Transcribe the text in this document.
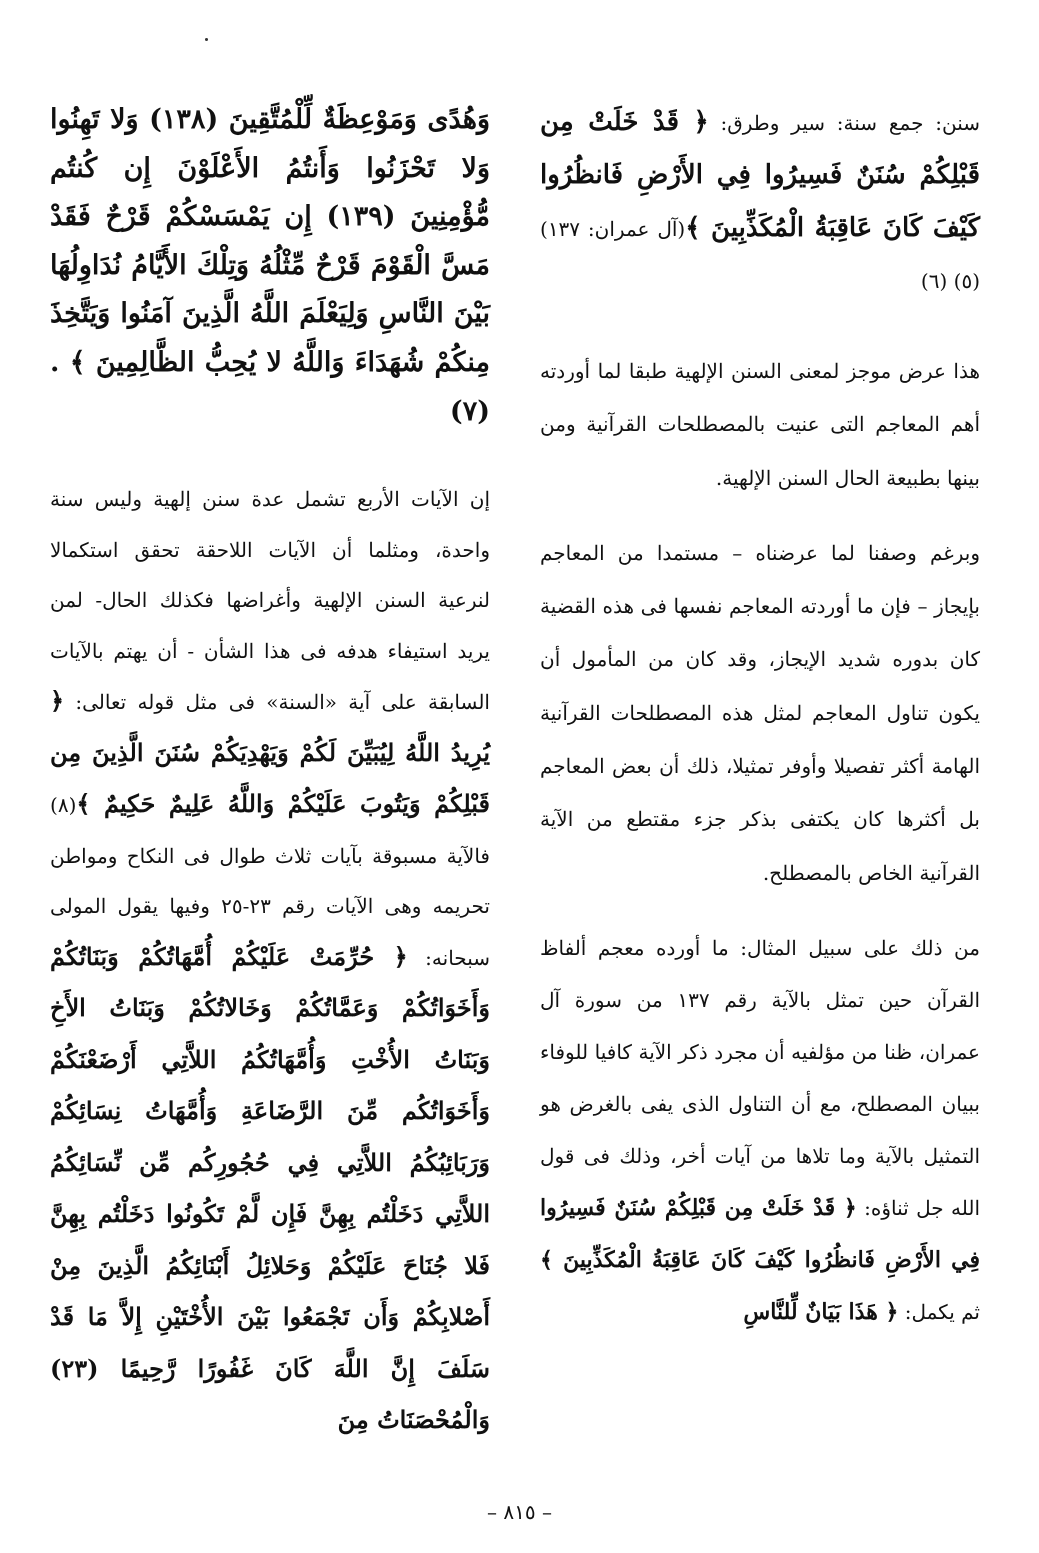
سنن: جمع سنة: سير وطرق: ﴿ قَدْ خَلَتْ مِن قَبْلِكُمْ سُنَنٌ فَسِيرُوا فِي الأَرْضِ فَانظُرُوا كَيْفَ كَانَ عَاقِبَةُ الْمُكَذِّبِينَ ﴾(آل عمران: ١٣٧)(٥) (٦)

هذا عرض موجز لمعنى السنن الإلهية طبقا لما أوردته أهم المعاجم التى عنيت بالمصطلحات القرآنية ومن بينها بطبيعة الحال السنن الإلهية.

وبرغم وصفنا لما عرضناه – مستمدا من المعاجم بإيجاز – فإن ما أوردته المعاجم نفسها فى هذه القضية كان بدوره شديد الإيجاز، وقد كان من المأمول أن يكون تناول المعاجم لمثل هذه المصطلحات القرآنية الهامة أكثر تفصيلا وأوفر تمثيلا، ذلك أن بعض المعاجم بل أكثرها كان يكتفى بذكر جزء مقتطع من الآية القرآنية الخاص بالمصطلح.

من ذلك على سبيل المثال: ما أورده معجم ألفاظ القرآن حين تمثل بالآية رقم ١٣٧ من سورة آل عمران، ظنا من مؤلفيه أن مجرد ذكر الآية كافيا للوفاء ببيان المصطلح، مع أن التناول الذى يفى بالغرض هو التمثيل بالآية وما تلاها من آيات أخر، وذلك فى قول الله جل ثناؤه: ﴿ قَدْ خَلَتْ مِن قَبْلِكُمْ سُنَنٌ فَسِيرُوا فِي الأَرْضِ فَانظُرُوا كَيْفَ كَانَ عَاقِبَةُ الْمُكَذِّبِينَ ﴾ ثم يكمل: ﴿ هَذَا بَيَانٌ لِّلنَّاسِ

وَهُدًى وَمَوْعِظَةٌ لِّلْمُتَّقِينَ (١٣٨) وَلا تَهِنُوا وَلا تَحْزَنُوا وَأَنتُمُ الأَعْلَوْنَ إِن كُنتُم مُّؤْمِنِينَ (١٣٩) إِن يَمْسَسْكُمْ قَرْحٌ فَقَدْ مَسَّ الْقَوْمَ قَرْحٌ مِّثْلُهُ وَتِلْكَ الأَيَّامُ نُدَاوِلُهَا بَيْنَ النَّاسِ وَلِيَعْلَمَ اللَّهُ الَّذِينَ آمَنُوا وَيَتَّخِذَ مِنكُمْ شُهَدَاءَ وَاللَّهُ لا يُحِبُّ الظَّالِمِينَ ﴾ .(٧)

إن الآيات الأربع تشمل عدة سنن إلهية وليس سنة واحدة، ومثلما أن الآيات اللاحقة تحقق استكمالا لنرعية السنن الإلهية وأغراضها فكذلك الحال- لمن يريد استيفاء هدفه فى هذا الشأن - أن يهتم بالآيات السابقة على آية «السنة» فى مثل قوله تعالى: ﴿ يُرِيدُ اللَّهُ لِيُبَيِّنَ لَكُمْ وَيَهْدِيَكُمْ سُنَنَ الَّذِينَ مِن قَبْلِكُمْ وَيَتُوبَ عَلَيْكُمْ وَاللَّهُ عَلِيمٌ حَكِيمٌ ﴾(٨) فالآية مسبوقة بآيات ثلاث طوال فى النكاح ومواطن تحريمه وهى الآيات رقم ٢٣-٢٥ وفيها يقول المولى سبحانه: ﴿ حُرِّمَتْ عَلَيْكُمْ أُمَّهَاتُكُمْ وَبَنَاتُكُمْ وَأَخَوَاتُكُمْ وَعَمَّاتُكُمْ وَخَالاتُكُمْ وَبَنَاتُ الأَخِ وَبَنَاتُ الأُخْتِ وَأُمَّهَاتُكُمُ اللاَّتِي أَرْضَعْنَكُمْ وَأَخَوَاتُكُم مِّنَ الرَّضَاعَةِ وَأُمَّهَاتُ نِسَائِكُمْ وَرَبَائِبُكُمُ اللاَّتِي فِي حُجُورِكُم مِّن نِّسَائِكُمُ اللاَّتِي دَخَلْتُم بِهِنَّ فَإِن لَّمْ تَكُونُوا دَخَلْتُم بِهِنَّ فَلا جُنَاحَ عَلَيْكُمْ وَحَلائِلُ أَبْنَائِكُمُ الَّذِينَ مِنْ أَصْلابِكُمْ وَأَن تَجْمَعُوا بَيْنَ الأُخْتَيْنِ إِلاَّ مَا قَدْ سَلَفَ إِنَّ اللَّهَ كَانَ غَفُورًا رَّحِيمًا (٢٣) وَالْمُحْصَنَاتُ مِنَ

– ٨١٥ –
